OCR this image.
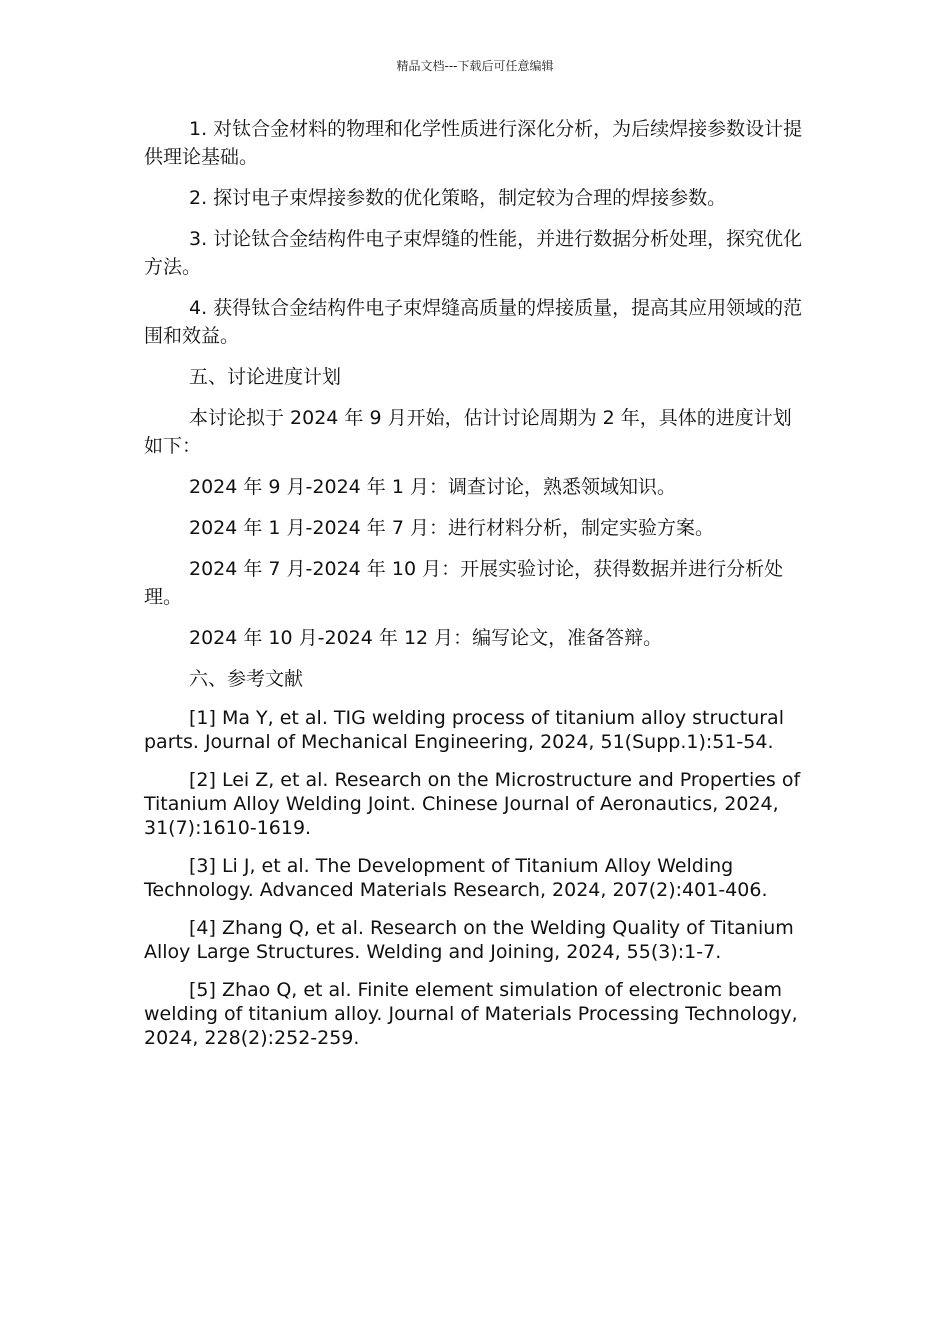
精品文档---下载后可任意编辑

1. 对钛合金材料的物理和化学性质进行深化分析，为后续焊接参数设计提供理论基础。

2. 探讨电子束焊接参数的优化策略，制定较为合理的焊接参数。

3. 讨论钛合金结构件电子束焊缝的性能，并进行数据分析处理，探究优化方法。

4. 获得钛合金结构件电子束焊缝高质量的焊接质量，提高其应用领域的范围和效益。

五、讨论进度计划

本讨论拟于 2024 年 9 月开始，估计讨论周期为 2 年，具体的进度计划如下：

2024 年 9 月-2024 年 1 月：调查讨论，熟悉领域知识。

2024 年 1 月-2024 年 7 月：进行材料分析，制定实验方案。

2024 年 7 月-2024 年 10 月：开展实验讨论，获得数据并进行分析处理。

2024 年 10 月-2024 年 12 月：编写论文，准备答辩。

六、参考文献

[1] Ma Y, et al. TIG welding process of titanium alloy structural parts. Journal of Mechanical Engineering, 2024, 51(Supp.1):51-54.

[2] Lei Z, et al. Research on the Microstructure and Properties of Titanium Alloy Welding Joint. Chinese Journal of Aeronautics, 2024, 31(7):1610-1619.

[3] Li J, et al. The Development of Titanium Alloy Welding Technology. Advanced Materials Research, 2024, 207(2):401-406.

[4] Zhang Q, et al. Research on the Welding Quality of Titanium Alloy Large Structures. Welding and Joining, 2024, 55(3):1-7.

[5] Zhao Q, et al. Finite element simulation of electronic beam welding of titanium alloy. Journal of Materials Processing Technology, 2024, 228(2):252-259.
